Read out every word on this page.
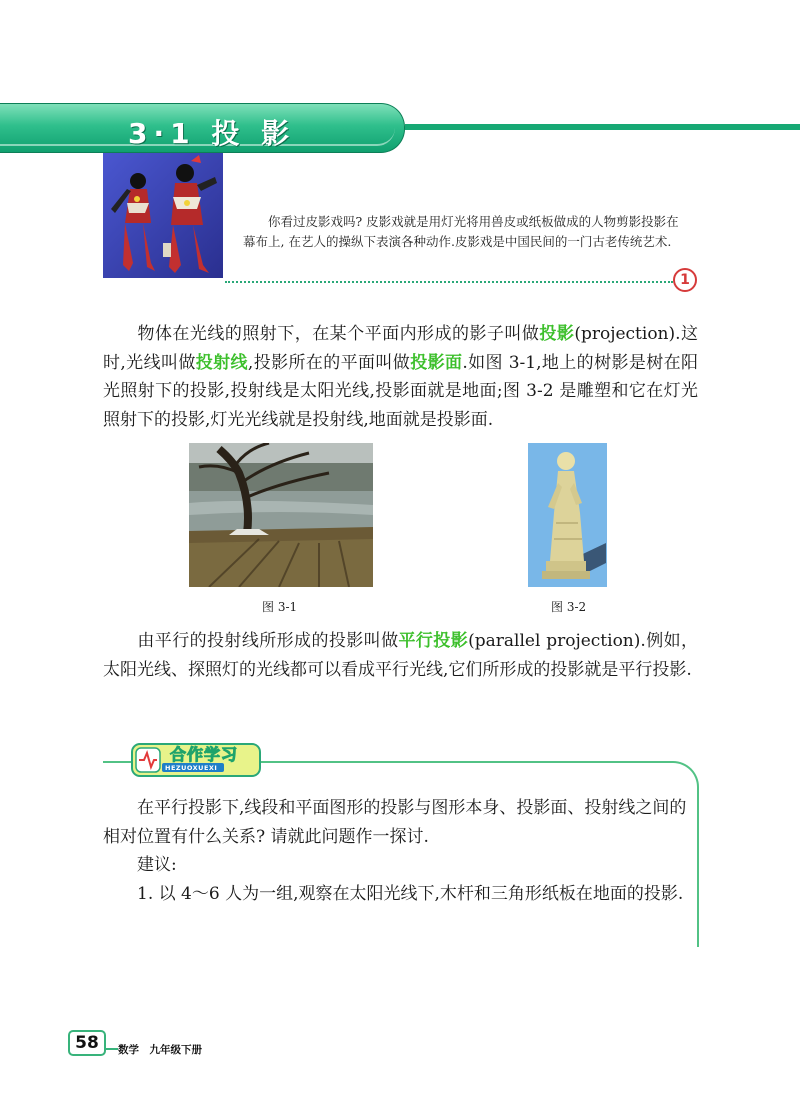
3·1 投 影

你看过皮影戏吗? 皮影戏就是用灯光将用兽皮或纸板做成的人物剪影投影在幕布上, 在艺人的操纵下表演各种动作.皮影戏是中国民间的一门古老传统艺术.

1
物体在光线的照射下，在某个平面内形成的影子叫做投影(projection).这时,光线叫做投射线,投影所在的平面叫做投影面.如图 3-1,地上的树影是树在阳光照射下的投影,投射线是太阳光线,投影面就是地面;图 3-2 是雕塑和它在灯光照射下的投影,灯光光线就是投射线,地面就是投影面.
图 3-1	图 3-2
由平行的投射线所形成的投影叫做平行投影(parallel projection).例如，太阳光线、探照灯的光线都可以看成平行光线,它们所形成的投影就是平行投影.
合作学习
HEZUOXUEXI
在平行投影下,线段和平面图形的投影与图形本身、投影面、投射线之间的相对位置有什么关系? 请就此问题作一探讨.
建议:
1. 以 4～6 人为一组,观察在太阳光线下,木杆和三角形纸板在地面的投影.
58	数学　九年级下册
